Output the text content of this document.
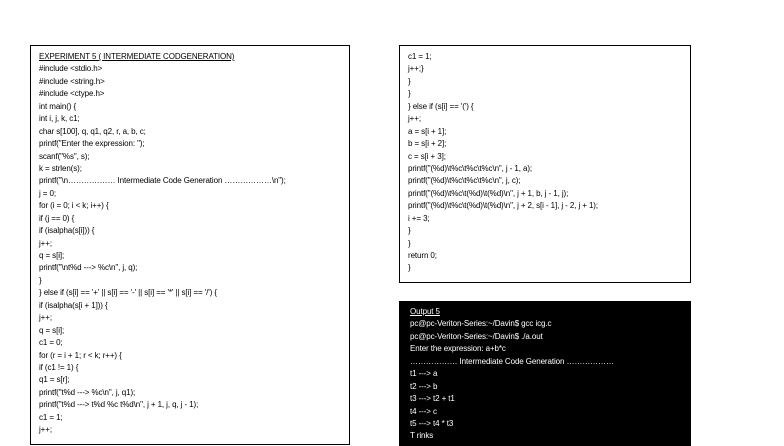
EXPERIMENT 5 ( INTERMEDIATE CODGENERATION)
#include <stdio.h>
#include <string.h>
#include <ctype.h>
int main() {
int i, j, k, c1;
char s[100], q, q1, q2, r, a, b, c;
printf("Enter the expression: ");
scanf("%s", s);
k = strlen(s);
printf("\n……………… Intermediate Code Generation ………………\n");
j = 0;
for (i = 0; i < k; i++) {
if (j == 0) {
if (isalpha(s[i])) {
j++;
q = s[i];
printf("\nt%d ---> %c\n", j, q);
}
} else if (s[i] == '+' || s[i] == '-' || s[i] == '*' || s[i] == '/') {
if (isalpha(s[i + 1])) {
j++;
q = s[i];
c1 = 0;
for (r = i + 1; r < k; r++) {
if (c1 != 1) {
q1 = s[r];
printf("t%d ---> %c\n", j, q1);
printf("t%d ---> t%d %c t%d\n", j + 1, j, q, j - 1);
c1 = 1;
j++;
c1 = 1;
j++;}
}
}
} else if (s[i] == '(') {
j++;
a = s[i + 1];
b = s[i + 2];
c = s[i + 3];
printf("(%d)\t%c\t%c\t%c\n", j - 1, a);
printf("(%d)\t%c\t%c\t%c\n", j, c);
printf("(%d)\t%c\t(%d)\t(%d)\n", j + 1, b, j - 1, j);
printf("(%d)\t%c\t(%d)\t(%d)\n", j + 2, s[i - 1], j - 2, j + 1);
i += 3;
}
}
return 0;
}
Output 5
pc@pc-Veriton-Series:~/Davin$ gcc icg.c
pc@pc-Veriton-Series:~/Davin$ ./a.out
Enter the expression: a+b*c
……………… Intermediate Code Generation ………………
t1 ---> a
t2 ---> b
t3 ---> t2 + t1
t4 ---> c
t5 ---> t4 * t3
T rinks
